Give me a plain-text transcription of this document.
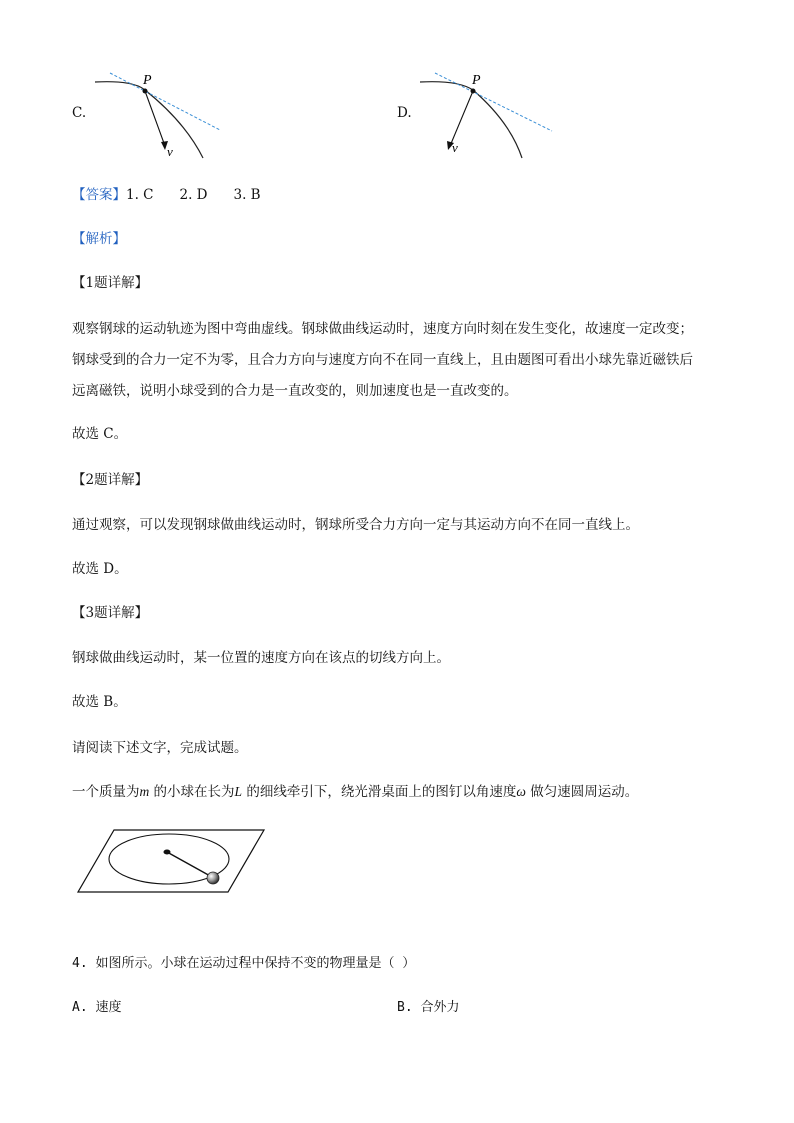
C.
P
v
D.
P
v
【答案】1. C 2. D 3. B
【解析】
【1题详解】
观察钢球的运动轨迹为图中弯曲虚线。钢球做曲线运动时，速度方向时刻在发生变化，故速度一定改变；
钢球受到的合力一定不为零，且合力方向与速度方向不在同一直线上，且由题图可看出小球先靠近磁铁后
远离磁铁，说明小球受到的合力是一直改变的，则加速度也是一直改变的。
故选 C。
【2题详解】
通过观察，可以发现钢球做曲线运动时，钢球所受合力方向一定与其运动方向不在同一直线上。
故选 D。
【3题详解】
钢球做曲线运动时，某一位置的速度方向在该点的切线方向上。
故选 B。
请阅读下述文字，完成试题。
一个质量为m 的小球在长为L 的细线牵引下，绕光滑桌面上的图钉以角速度ω 做匀速圆周运动。
4. 如图所示。小球在运动过程中保持不变的物理量是（ ）
A. 速度	B. 合外力
